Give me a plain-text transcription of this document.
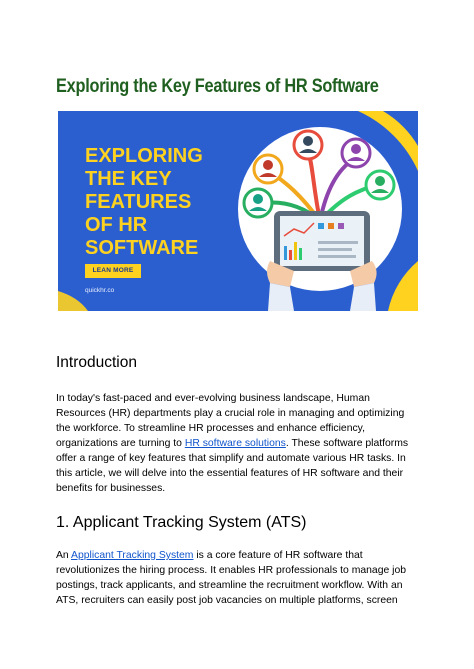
Exploring the Key Features of HR Software
EXPLORING
THE KEY
FEATURES
OF HR
SOFTWARE
LEAN MORE
quickhr.co
Introduction
In today's fast-paced and ever-evolving business landscape, Human
Resources (HR) departments play a crucial role in managing and optimizing
the workforce. To streamline HR processes and enhance efficiency,
organizations are turning to HR software solutions. These software platforms
offer a range of key features that simplify and automate various HR tasks. In
this article, we will delve into the essential features of HR software and their
benefits for businesses.
1. Applicant Tracking System (ATS)
An Applicant Tracking System is a core feature of HR software that
revolutionizes the hiring process. It enables HR professionals to manage job
postings, track applicants, and streamline the recruitment workflow. With an
ATS, recruiters can easily post job vacancies on multiple platforms, screen
